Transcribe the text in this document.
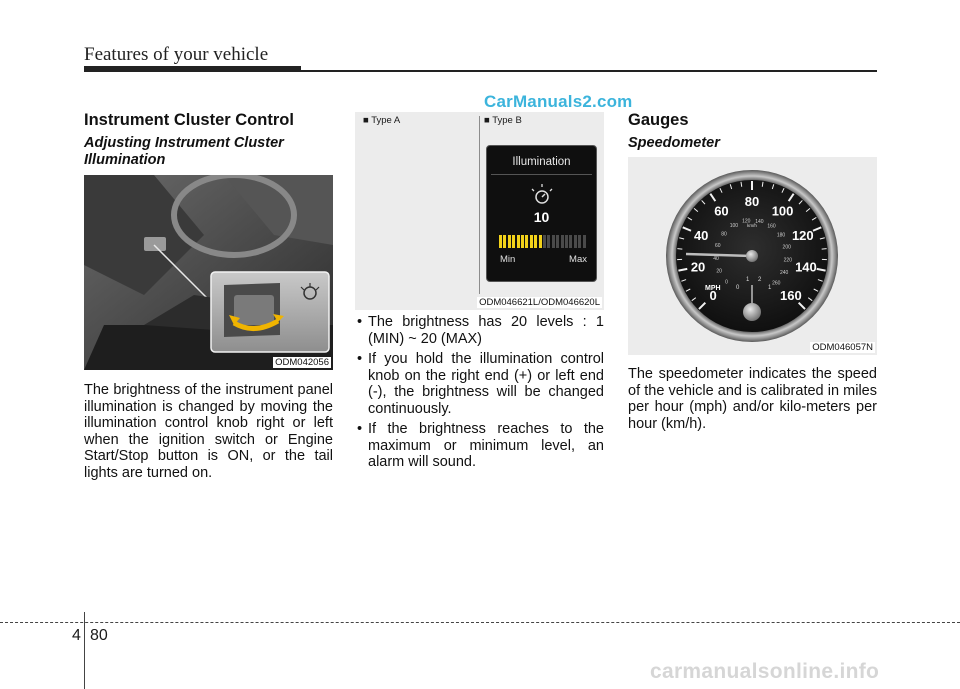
Features of your vehicle
CarManuals2.com
Instrument Cluster Control
Adjusting Instrument Cluster Illumination
ODM042056

The brightness of the instrument panel illumination is changed by moving the illumination control knob right or left when the ignition switch or Engine Start/Stop button is ON, or the tail lights are turned on.

■ Type A	■ Type B
Illumination
10
Min	Max
ODM046621L/ODM046620L
• The brightness has 20 levels : 1 (MIN) ~ 20 (MAX)
• If you hold the illumination control knob on the right end (+) or left end (-), the brightness will be changed continuously.
• If the brightness reaches to the maximum or minimum level, an alarm will sound.
Gauges
Speedometer
0
20
40
60
80
100
120
140
160
0
20
40
60
80
100
120 140
160
180
200
220
240
260
km/h
MPH	0
1 2
1
ODM046057N

The speedometer indicates the speed of the vehicle and is calibrated in miles per hour (mph) and/or kilo-meters per hour (km/h).

4 80
carmanualsonline.info
